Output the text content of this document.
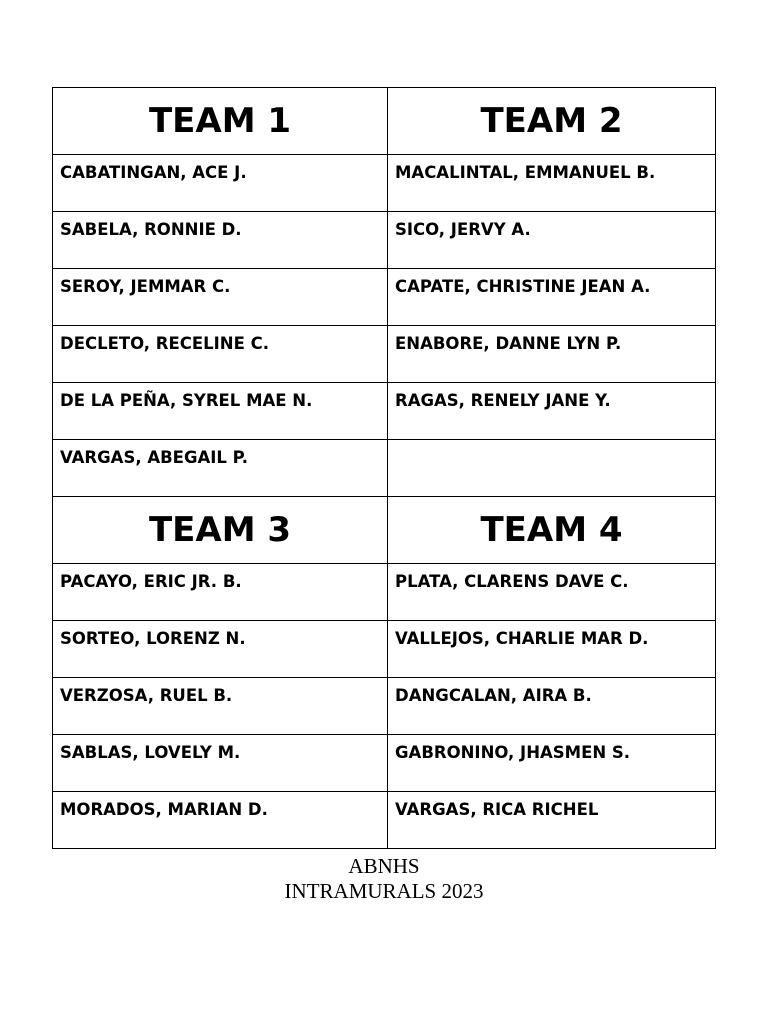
TEAM 1	TEAM 2

CABATINGAN, ACE J.	MACALINTAL, EMMANUEL B.

SABELA, RONNIE D.	SICO, JERVY A.

SEROY, JEMMAR C.	CAPATE, CHRISTINE JEAN A.

DECLETO, RECELINE C.	ENABORE, DANNE LYN P.

DE LA PEÑA, SYREL MAE N.	RAGAS, RENELY JANE Y.

VARGAS, ABEGAIL P.	

TEAM 3	TEAM 4

PACAYO, ERIC JR. B.	PLATA, CLARENS DAVE C.

SORTEO, LORENZ N.	VALLEJOS, CHARLIE MAR D.

VERZOSA, RUEL B.	DANGCALAN, AIRA B.

SABLAS, LOVELY M.	GABRONINO, JHASMEN S.

MORADOS, MARIAN D.	VARGAS, RICA RICHEL
ABNHS
INTRAMURALS 2023
